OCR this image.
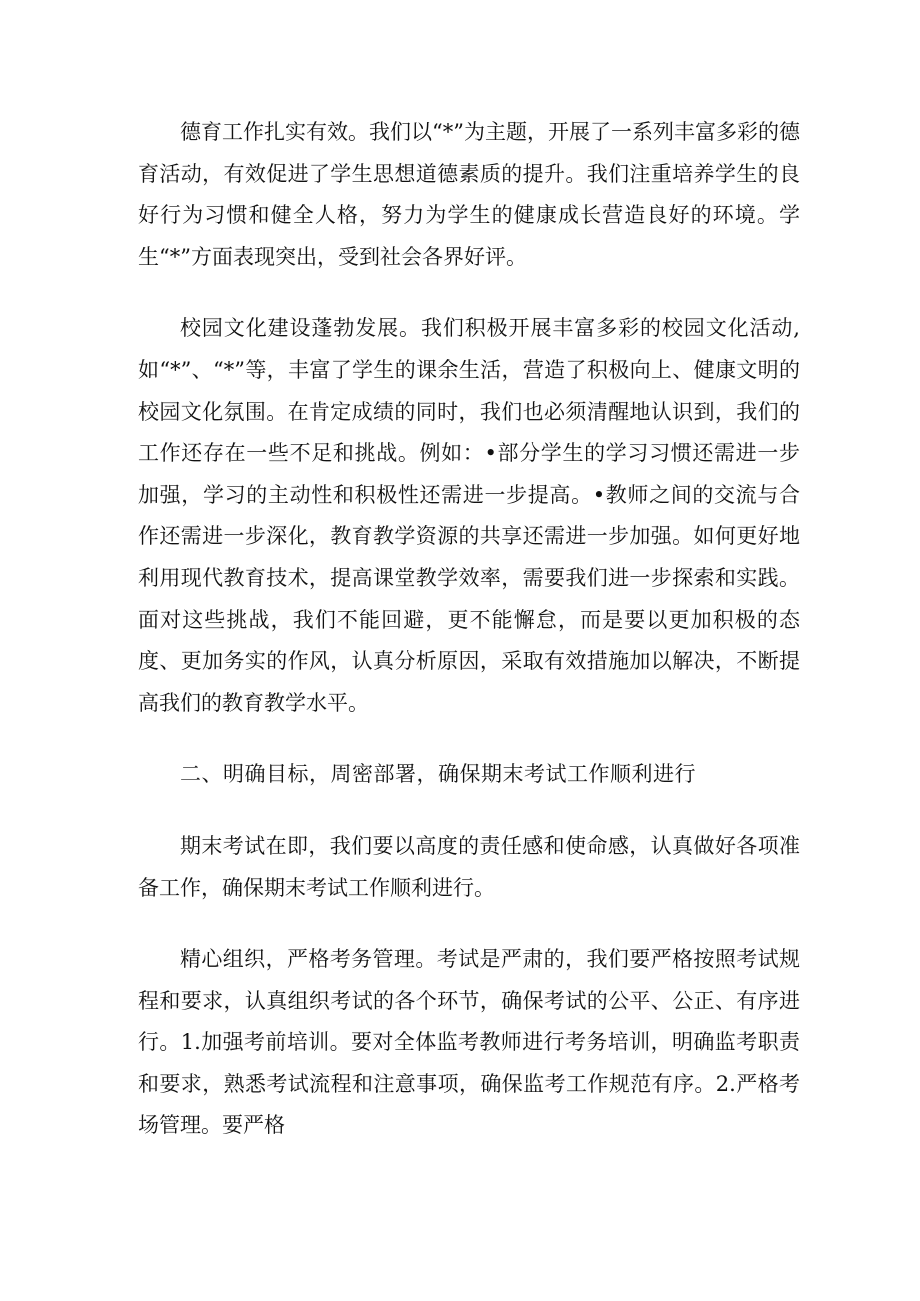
德育工作扎实有效。我们以“*”为主题，开展了一系列丰富多彩的德育活动，有效促进了学生思想道德素质的提升。我们注重培养学生的良好行为习惯和健全人格，努力为学生的健康成长营造良好的环境。学生“*”方面表现突出，受到社会各界好评。

校园文化建设蓬勃发展。我们积极开展丰富多彩的校园文化活动,如“*”、“*”等，丰富了学生的课余生活，营造了积极向上、健康文明的校园文化氛围。在肯定成绩的同时，我们也必须清醒地认识到，我们的工作还存在一些不足和挑战。例如：•部分学生的学习习惯还需进一步加强，学习的主动性和积极性还需进一步提高。•教师之间的交流与合作还需进一步深化，教育教学资源的共享还需进一步加强。如何更好地利用现代教育技术，提高课堂教学效率，需要我们进一步探索和实践。面对这些挑战，我们不能回避，更不能懈怠，而是要以更加积极的态度、更加务实的作风，认真分析原因，采取有效措施加以解决，不断提高我们的教育教学水平。

二、明确目标，周密部署，确保期末考试工作顺利进行

期末考试在即，我们要以高度的责任感和使命感，认真做好各项准备工作，确保期末考试工作顺利进行。

精心组织，严格考务管理。考试是严肃的，我们要严格按照考试规程和要求，认真组织考试的各个环节，确保考试的公平、公正、有序进行。1.加强考前培训。要对全体监考教师进行考务培训，明确监考职责和要求，熟悉考试流程和注意事项，确保监考工作规范有序。2.严格考场管理。要严格
